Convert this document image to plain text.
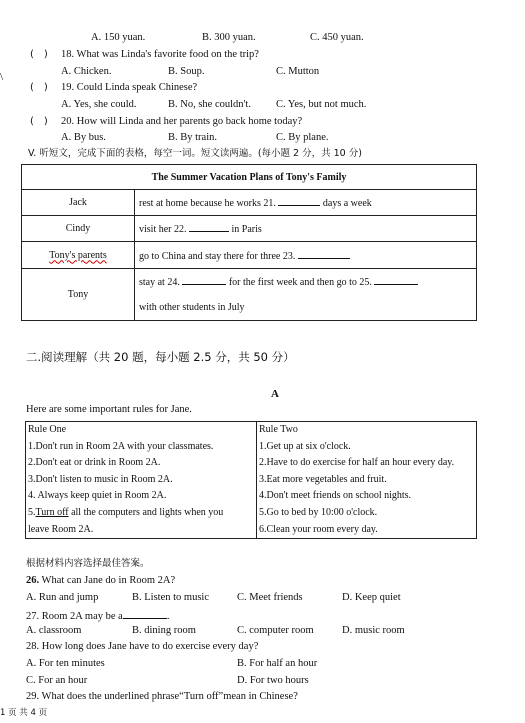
\
A. 150 yuan.	B. 300 yuan.	C. 450 yuan.
(　) 18. What was Linda's favorite food on the trip?
A. Chicken.	B. Soup.	C. Mutton
(　) 19. Could Linda speak Chinese?
A. Yes, she could.	B. No, she couldn't. C. Yes, but not much.
(　) 20. How will Linda and her parents go back home today?
A. By bus.	B. By train.	C. By plane.
V. 听短文，完成下面的表格，每空一词。短文读两遍。(每小题 2 分，共 10 分)
The Summer Vacation Plans of Tony's Family	
Jack	rest at home because he works 21. days a week
Cindy	visit her 22. in Paris
Tony's parents	go to China and stay there for three 23.
Tony	stay at 24. for the first week and then go to 25.
with other students in July
二.阅读理解（共 20 题，每小题 2.5 分，共 50 分）
A
Here are some important rules for Jane.
Rule One
1.Don't run in Room 2A with your classmates.
2.Don't eat or drink in Room 2A.
3.Don't listen to music in Room 2A.
4. Always keep quiet in Room 2A.
5.Turn off all the computers and lights when you
leave Room 2A.

Rule Two
1.Get up at six o'clock.
2.Have to do exercise for half an hour every day.
3.Eat more vegetables and fruit.
4.Don't meet friends on school nights.
5.Go to bed by 10:00 o'clock.
6.Clean your room every day.
根据材料内容选择最佳答案。
26. What can Jane do in Room 2A?
A. Run and jump	B. Listen to music	C. Meet friends	D. Keep quiet
27. Room 2A may be a	.
A. classroom	B. dining room	C. computer room	D. music room
28. How long does Jane have to do exercise every day?
A. For ten minutes	B. For half an hour
C. For an hour	D. For two hours
29. What does the underlined phrase“Turn off”mean in Chinese?
1 页 共 4 页
